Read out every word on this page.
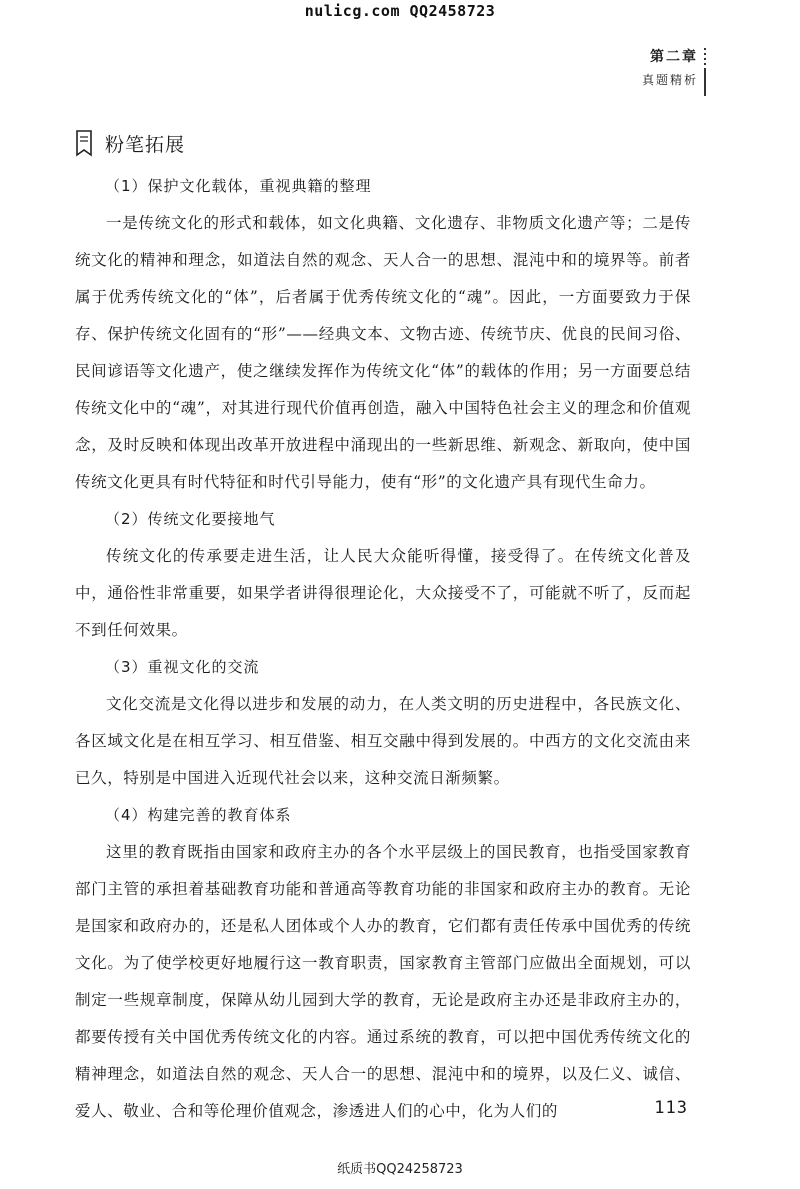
nulicg.com QQ2458723
第二章
真题精析
粉笔拓展

（1）保护文化载体，重视典籍的整理

一是传统文化的形式和载体，如文化典籍、文化遗存、非物质文化遗产等；二是传统文化的精神和理念，如道法自然的观念、天人合一的思想、混沌中和的境界等。前者属于优秀传统文化的“体”，后者属于优秀传统文化的“魂”。因此，一方面要致力于保存、保护传统文化固有的“形”——经典文本、文物古迹、传统节庆、优良的民间习俗、民间谚语等文化遗产，使之继续发挥作为传统文化“体”的载体的作用；另一方面要总结传统文化中的“魂”，对其进行现代价值再创造，融入中国特色社会主义的理念和价值观念，及时反映和体现出改革开放进程中涌现出的一些新思维、新观念、新取向，使中国传统文化更具有时代特征和时代引导能力，使有“形”的文化遗产具有现代生命力。

（2）传统文化要接地气

传统文化的传承要走进生活，让人民大众能听得懂，接受得了。在传统文化普及中，通俗性非常重要，如果学者讲得很理论化，大众接受不了，可能就不听了，反而起不到任何效果。

（3）重视文化的交流

文化交流是文化得以进步和发展的动力，在人类文明的历史进程中，各民族文化、各区域文化是在相互学习、相互借鉴、相互交融中得到发展的。中西方的文化交流由来已久，特别是中国进入近现代社会以来，这种交流日渐频繁。

（4）构建完善的教育体系

这里的教育既指由国家和政府主办的各个水平层级上的国民教育，也指受国家教育部门主管的承担着基础教育功能和普通高等教育功能的非国家和政府主办的教育。无论是国家和政府办的，还是私人团体或个人办的教育，它们都有责任传承中国优秀的传统文化。为了使学校更好地履行这一教育职责，国家教育主管部门应做出全面规划，可以制定一些规章制度，保障从幼儿园到大学的教育，无论是政府主办还是非政府主办的，都要传授有关中国优秀传统文化的内容。通过系统的教育，可以把中国优秀传统文化的精神理念，如道法自然的观念、天人合一的思想、混沌中和的境界，以及仁义、诚信、爱人、敬业、合和等伦理价值观念，渗透进人们的心中，化为人们的	113
纸质书QQ24258723
